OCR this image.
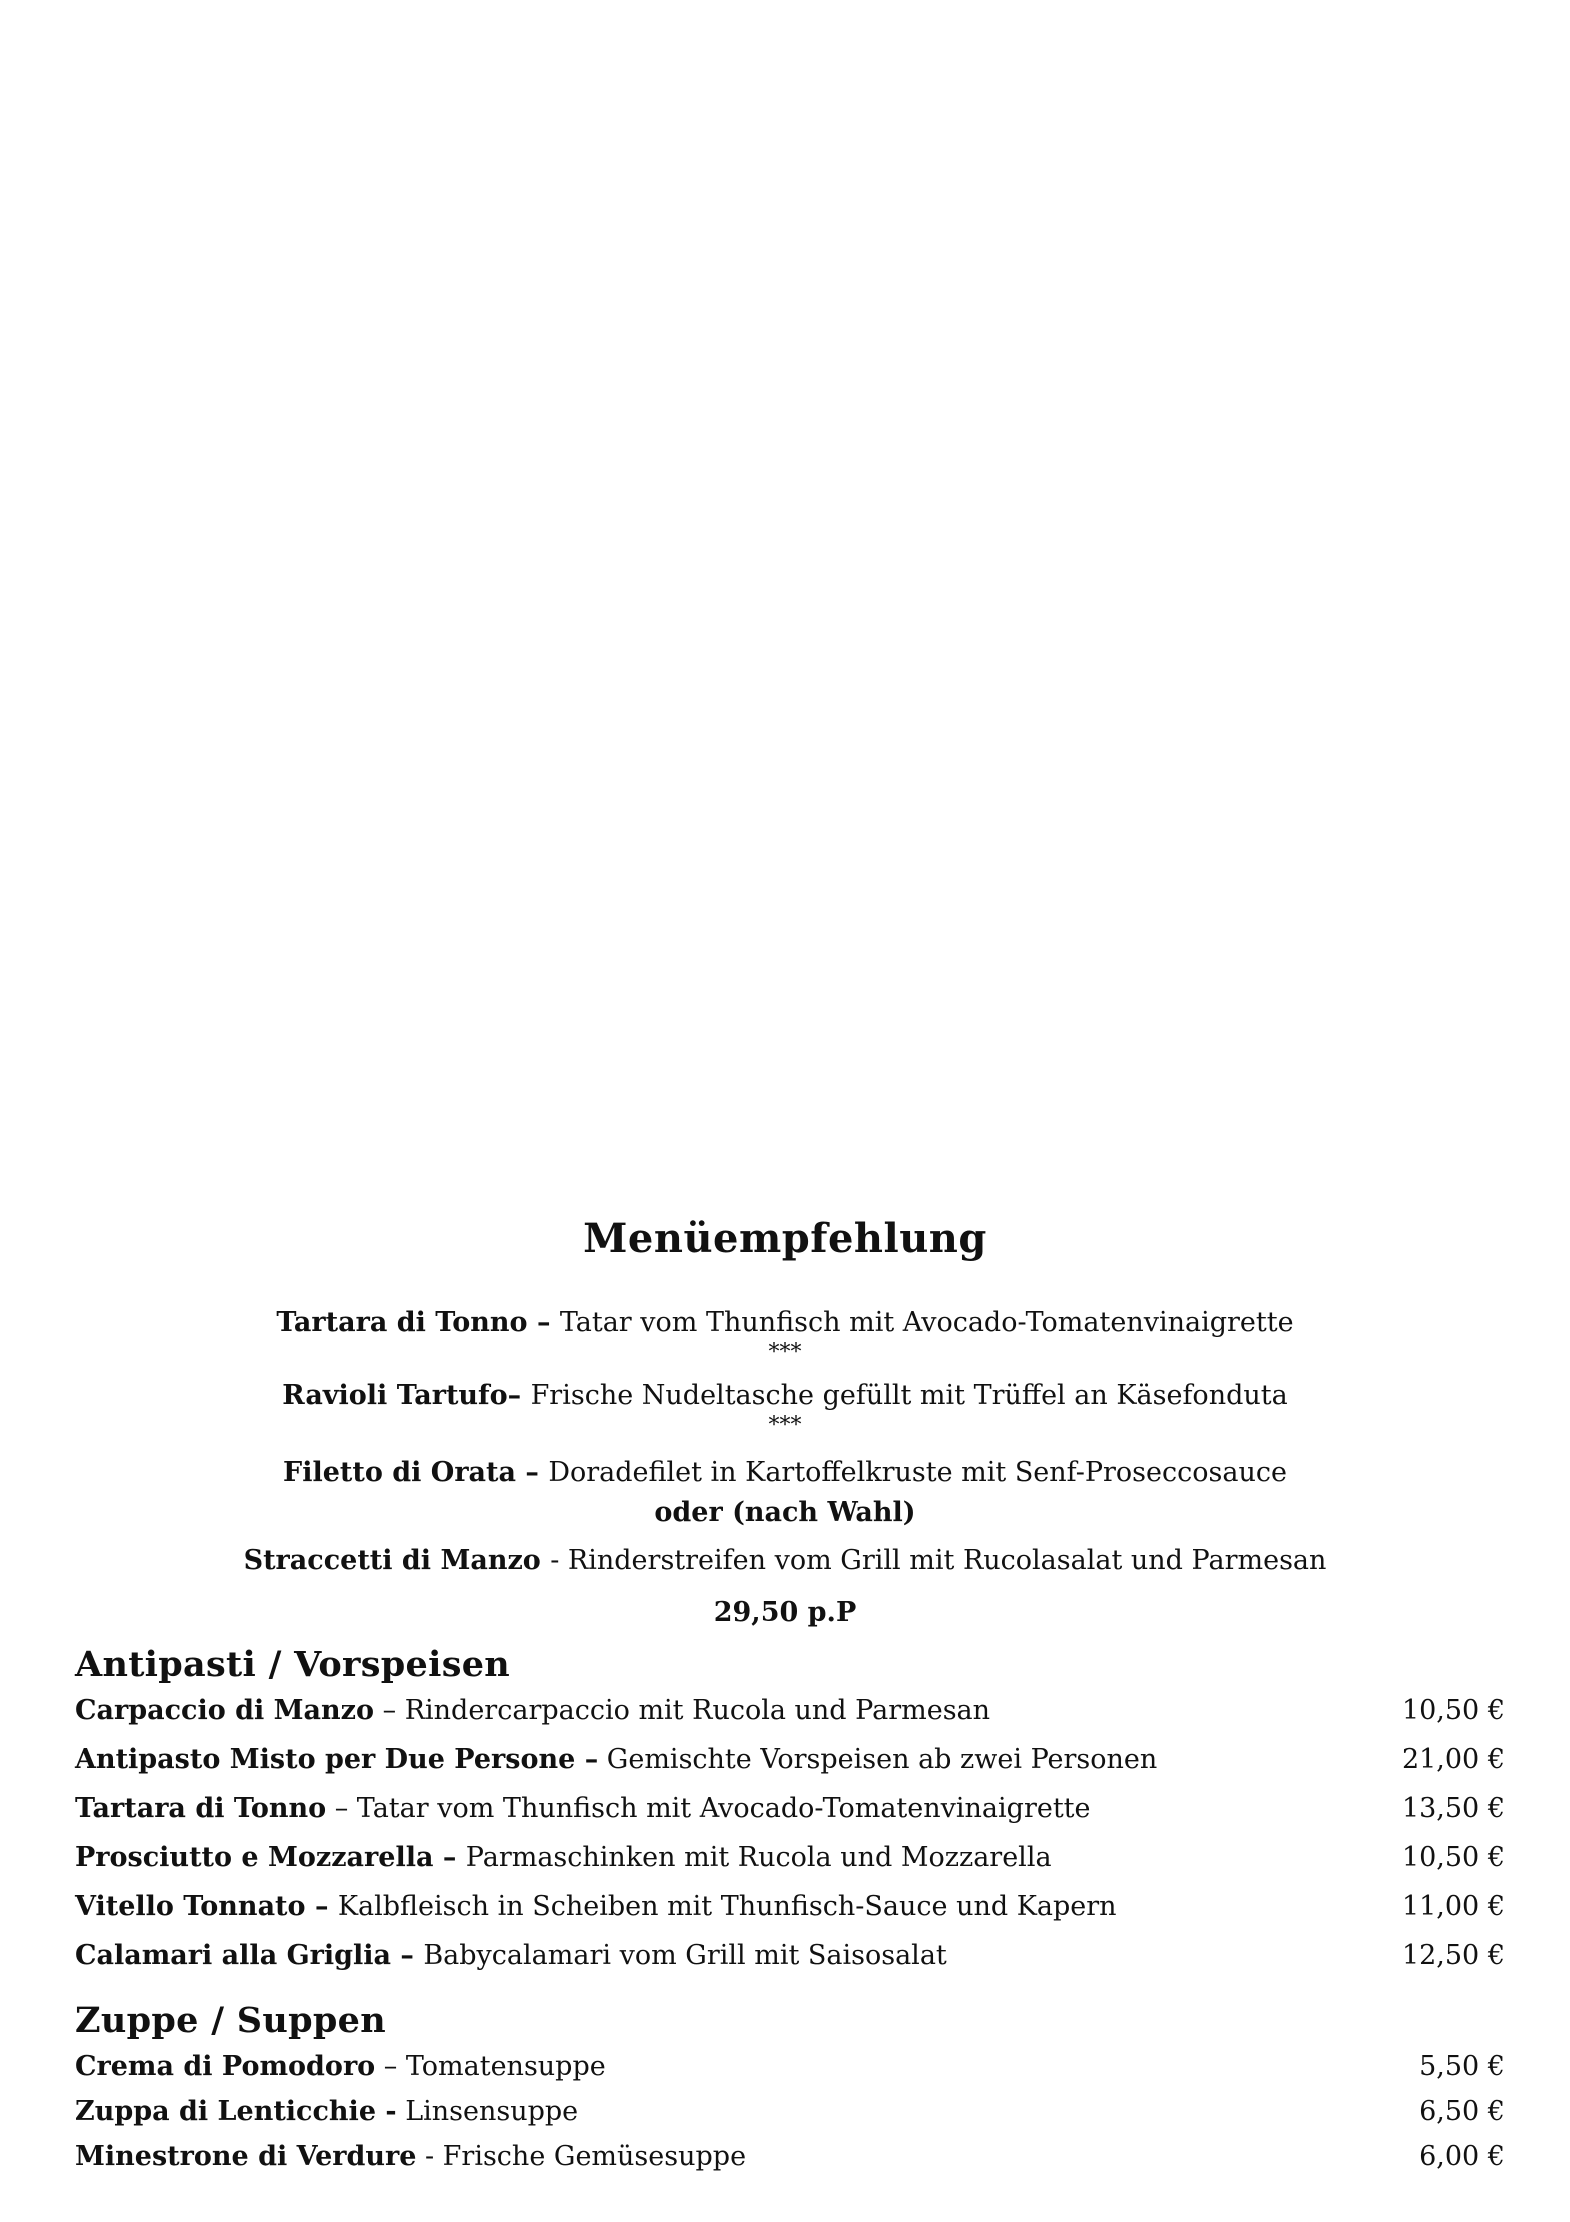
Menüempfehlung
Tartara di Tonno – Tatar vom Thunfisch mit Avocado-Tomatenvinaigrette
***
Ravioli Tartufo– Frische Nudeltasche gefüllt mit Trüffel an Käsefonduta
***
Filetto di Orata – Doradefilet in Kartoffelkruste mit Senf-Proseccosauce
oder (nach Wahl)
Straccetti di Manzo - Rinderstreifen vom Grill mit Rucolasalat und Parmesan
29,50 p.P
Antipasti / Vorspeisen
Carpaccio di Manzo – Rindercarpaccio mit Rucola und Parmesan	10,50 €
Antipasto Misto per Due Persone – Gemischte Vorspeisen ab zwei Personen	21,00 €
Tartara di Tonno – Tatar vom Thunfisch mit Avocado-Tomatenvinaigrette	13,50 €
Prosciutto e Mozzarella – Parmaschinken mit Rucola und Mozzarella	10,50 €
Vitello Tonnato – Kalbfleisch in Scheiben mit Thunfisch-Sauce und Kapern	11,00 €
Calamari alla Griglia – Babycalamari vom Grill mit Saisosalat	12,50 €
Zuppe / Suppen
Crema di Pomodoro – Tomatensuppe	5,50 €
Zuppa di Lenticchie - Linsensuppe	6,50 €
Minestrone di Verdure - Frische Gemüsesuppe	6,00 €
